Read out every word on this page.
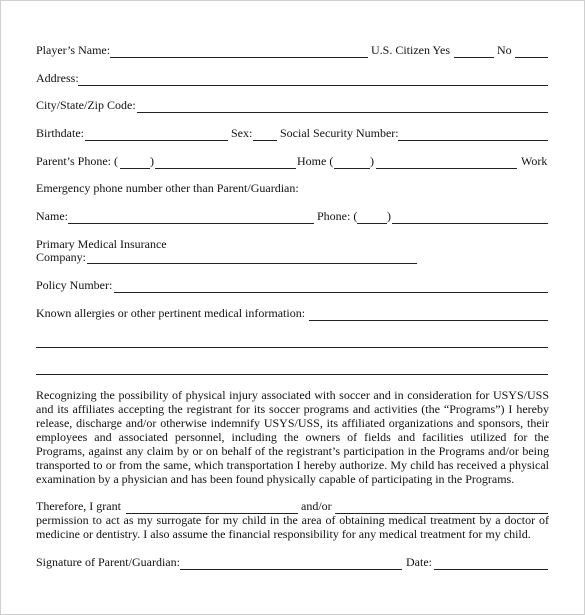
Player’s Name:	U.S. Citizen Yes	No
Address:
City/State/Zip Code:
Birthdate:	Sex: Social Security Number:
Parent’s Phone: (	)	Home (	)	Work
Emergency phone number other than Parent/Guardian:
Name:	Phone: ( )
Primary Medical Insurance
Company:
Policy Number:
Known allergies or other pertinent medical information:
Recognizing the possibility of physical injury associated with soccer and in consideration for USYS/USS
and its affiliates accepting the registrant for its soccer programs and activities (the “Programs”) I hereby
release, discharge and/or otherwise indemnify USYS/USS, its affiliated organizations and sponsors, their
employees and associated personnel, including the owners of fields and facilities utilized for the
Programs, against any claim by or on behalf of the registrant’s participation in the Programs and/or being
transported to or from the same, which transportation I hereby authorize. My child has received a physical
examination by a physician and has been found physically capable of participating in the Programs.
Therefore, I grant	and/or
permission to act as my surrogate for my child in the area of obtaining medical treatment by a doctor of
medicine or dentistry. I also assume the financial responsibility for any medical treatment for my child.
Signature of Parent/Guardian:	Date:
